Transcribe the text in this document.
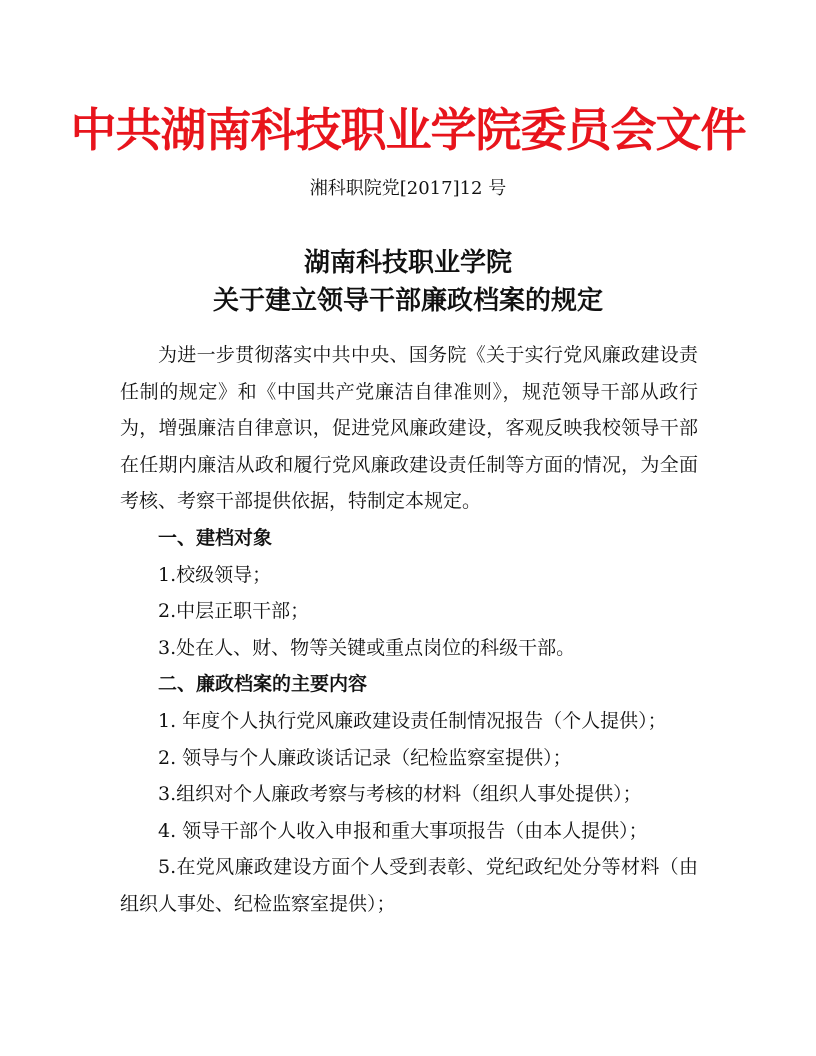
中共湖南科技职业学院委员会文件
湘科职院党[2017]12 号
湖南科技职业学院
关于建立领导干部廉政档案的规定

为进一步贯彻落实中共中央、国务院《关于实行党风廉政建设责任制的规定》和《中国共产党廉洁自律准则》，规范领导干部从政行为，增强廉洁自律意识，促进党风廉政建设，客观反映我校领导干部在任期内廉洁从政和履行党风廉政建设责任制等方面的情况，为全面考核、考察干部提供依据，特制定本规定。

一、建档对象

1.校级领导；

2.中层正职干部；

3.处在人、财、物等关键或重点岗位的科级干部。

二、廉政档案的主要内容

1. 年度个人执行党风廉政建设责任制情况报告（个人提供）；

2. 领导与个人廉政谈话记录（纪检监察室提供）；

3.组织对个人廉政考察与考核的材料（组织人事处提供）；

4. 领导干部个人收入申报和重大事项报告（由本人提供）；

5.在党风廉政建设方面个人受到表彰、党纪政纪处分等材料（由组织人事处、纪检监察室提供）；
